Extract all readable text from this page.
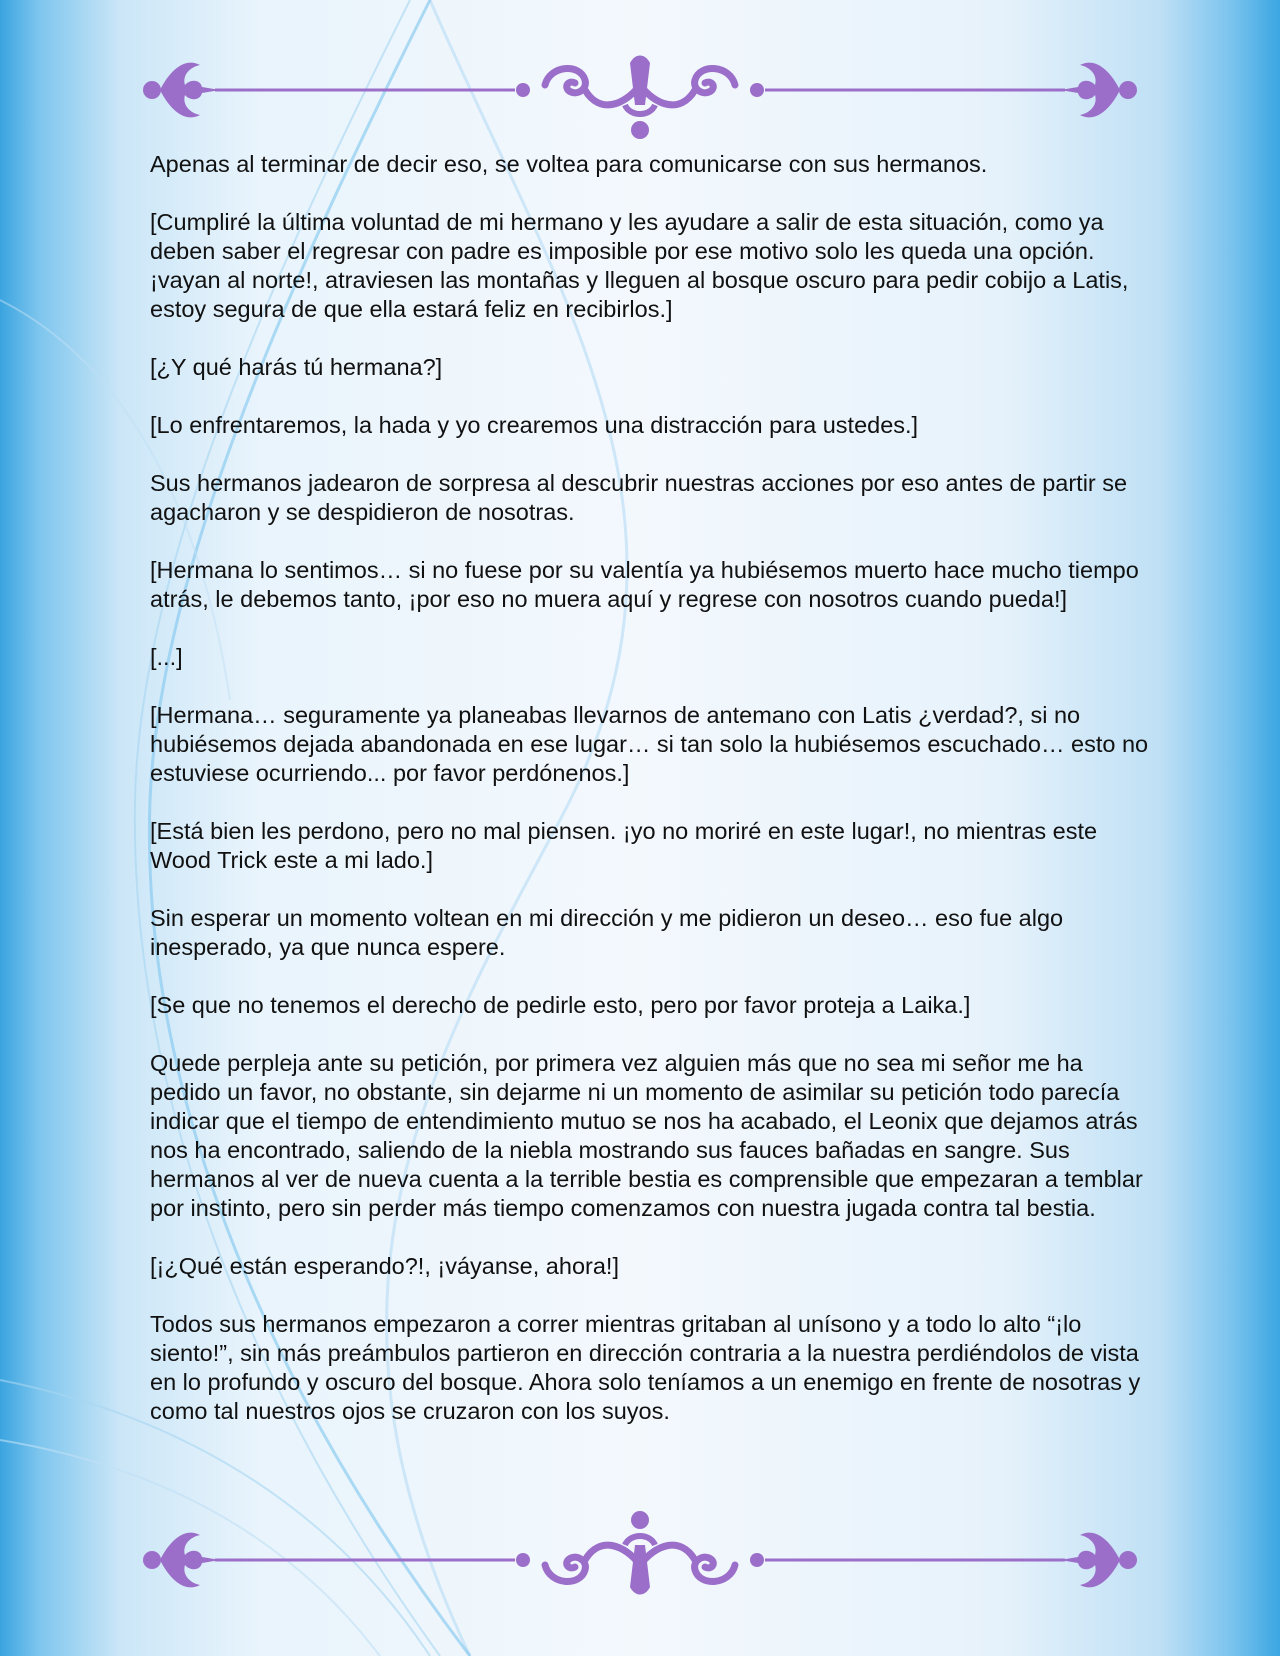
Apenas al terminar de decir eso, se voltea para comunicarse con sus hermanos.

[Cumpliré la última voluntad de mi hermano y les ayudare a salir de esta situación, como ya deben saber el regresar con padre es imposible por ese motivo solo les queda una opción. ¡vayan al norte!, atraviesen las montañas y lleguen al bosque oscuro para pedir cobijo a Latis, estoy segura de que ella estará feliz en recibirlos.]

[¿Y qué harás tú hermana?]

[Lo enfrentaremos, la hada y yo crearemos una distracción para ustedes.]

Sus hermanos jadearon de sorpresa al descubrir nuestras acciones por eso antes de partir se agacharon y se despidieron de nosotras.

[Hermana lo sentimos… si no fuese por su valentía ya hubiésemos muerto hace mucho tiempo atrás, le debemos tanto, ¡por eso no muera aquí y regrese con nosotros cuando pueda!]

[...]

[Hermana… seguramente ya planeabas llevarnos de antemano con Latis ¿verdad?, si no hubiésemos dejada abandonada en ese lugar… si tan solo la hubiésemos escuchado… esto no estuviese ocurriendo... por favor perdónenos.]

[Está bien les perdono, pero no mal piensen. ¡yo no moriré en este lugar!, no mientras este Wood Trick este a mi lado.]

Sin esperar un momento voltean en mi dirección y me pidieron un deseo… eso fue algo inesperado, ya que nunca espere.

[Se que no tenemos el derecho de pedirle esto, pero por favor proteja a Laika.]

Quede perpleja ante su petición, por primera vez alguien más que no sea mi señor me ha pedido un favor, no obstante, sin dejarme ni un momento de asimilar su petición todo parecía indicar que el tiempo de entendimiento mutuo se nos ha acabado, el Leonix que dejamos atrás nos ha encontrado, saliendo de la niebla mostrando sus fauces bañadas en sangre. Sus hermanos al ver de nueva cuenta a la terrible bestia es comprensible que empezaran a temblar por instinto, pero sin perder más tiempo comenzamos con nuestra jugada contra tal bestia.

[¡¿Qué están esperando?!, ¡váyanse, ahora!]

Todos sus hermanos empezaron a correr mientras gritaban al unísono y a todo lo alto “¡lo siento!”, sin más preámbulos partieron en dirección contraria a la nuestra perdiéndolos de vista en lo profundo y oscuro del bosque. Ahora solo teníamos a un enemigo en frente de nosotras y como tal nuestros ojos se cruzaron con los suyos.
